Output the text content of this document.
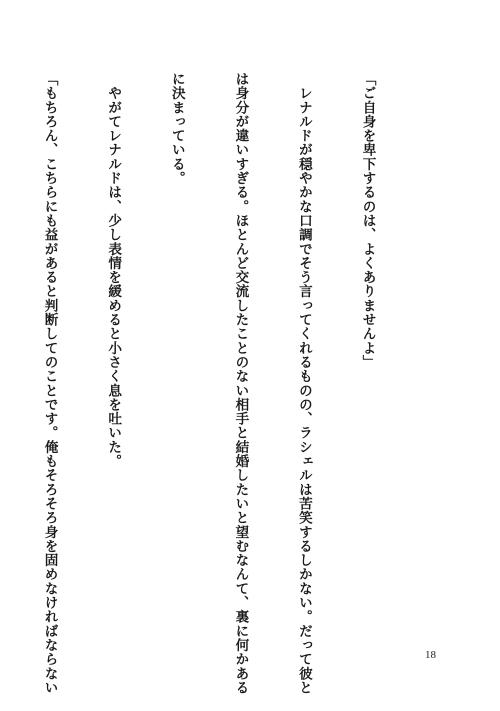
「ご自身を卑下するのは、よくありませんよ」

　レナルドが穏やかな口調でそう言ってくれるものの、ラシェルは苦笑するしかない。だって彼と

は身分が違いすぎる。ほとんど交流したことのない相手と結婚したいと望むなんて、裏に何かある

に決まっている。

　やがてレナルドは、少し表情を緩めると小さく息を吐いた。

「もちろん、こちらにも益があると判断してのことです。俺もそろそろ身を固めなければならない

	18
